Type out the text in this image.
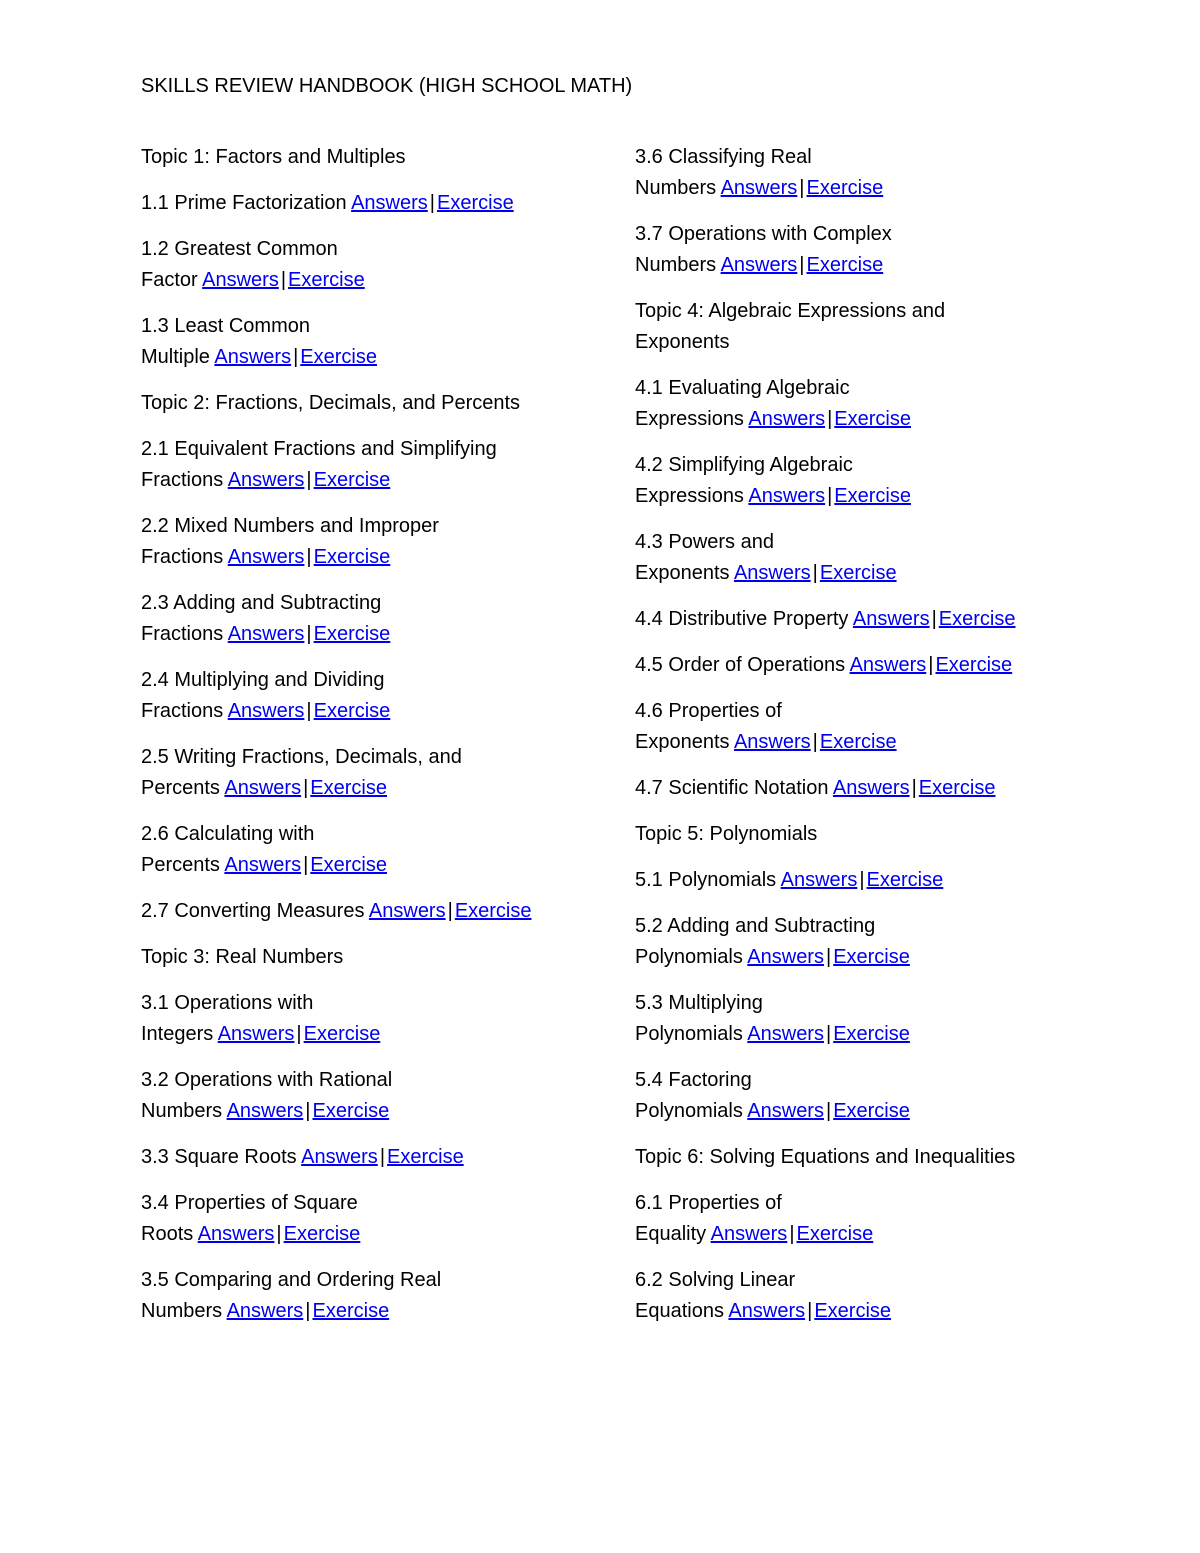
SKILLS REVIEW HANDBOOK (HIGH SCHOOL MATH)
Topic 1: Factors and Multiples
1.1 Prime Factorization Answers | Exercise
1.2 Greatest Common
Factor Answers | Exercise
1.3 Least Common
Multiple Answers | Exercise
Topic 2: Fractions, Decimals, and Percents
2.1 Equivalent Fractions and Simplifying
Fractions Answers | Exercise
2.2 Mixed Numbers and Improper
Fractions Answers | Exercise
2.3 Adding and Subtracting
Fractions Answers | Exercise
2.4 Multiplying and Dividing
Fractions Answers | Exercise
2.5 Writing Fractions, Decimals, and
Percents Answers | Exercise
2.6 Calculating with
Percents Answers | Exercise
2.7 Converting Measures Answers | Exercise
Topic 3: Real Numbers
3.1 Operations with
Integers Answers | Exercise
3.2 Operations with Rational
Numbers Answers | Exercise
3.3 Square Roots Answers | Exercise
3.4 Properties of Square
Roots Answers | Exercise
3.5 Comparing and Ordering Real
Numbers Answers | Exercise
3.6 Classifying Real
Numbers Answers | Exercise
3.7 Operations with Complex
Numbers Answers | Exercise
Topic 4: Algebraic Expressions and
Exponents
4.1 Evaluating Algebraic
Expressions Answers | Exercise
4.2 Simplifying Algebraic
Expressions Answers | Exercise
4.3 Powers and
Exponents Answers | Exercise
4.4 Distributive Property Answers | Exercise
4.5 Order of Operations Answers | Exercise
4.6 Properties of
Exponents Answers | Exercise
4.7 Scientific Notation Answers | Exercise
Topic 5: Polynomials
5.1 Polynomials Answers | Exercise
5.2 Adding and Subtracting
Polynomials Answers | Exercise
5.3 Multiplying
Polynomials Answers | Exercise
5.4 Factoring
Polynomials Answers | Exercise
Topic 6: Solving Equations and Inequalities
6.1 Properties of
Equality Answers | Exercise
6.2 Solving Linear
Equations Answers | Exercise
